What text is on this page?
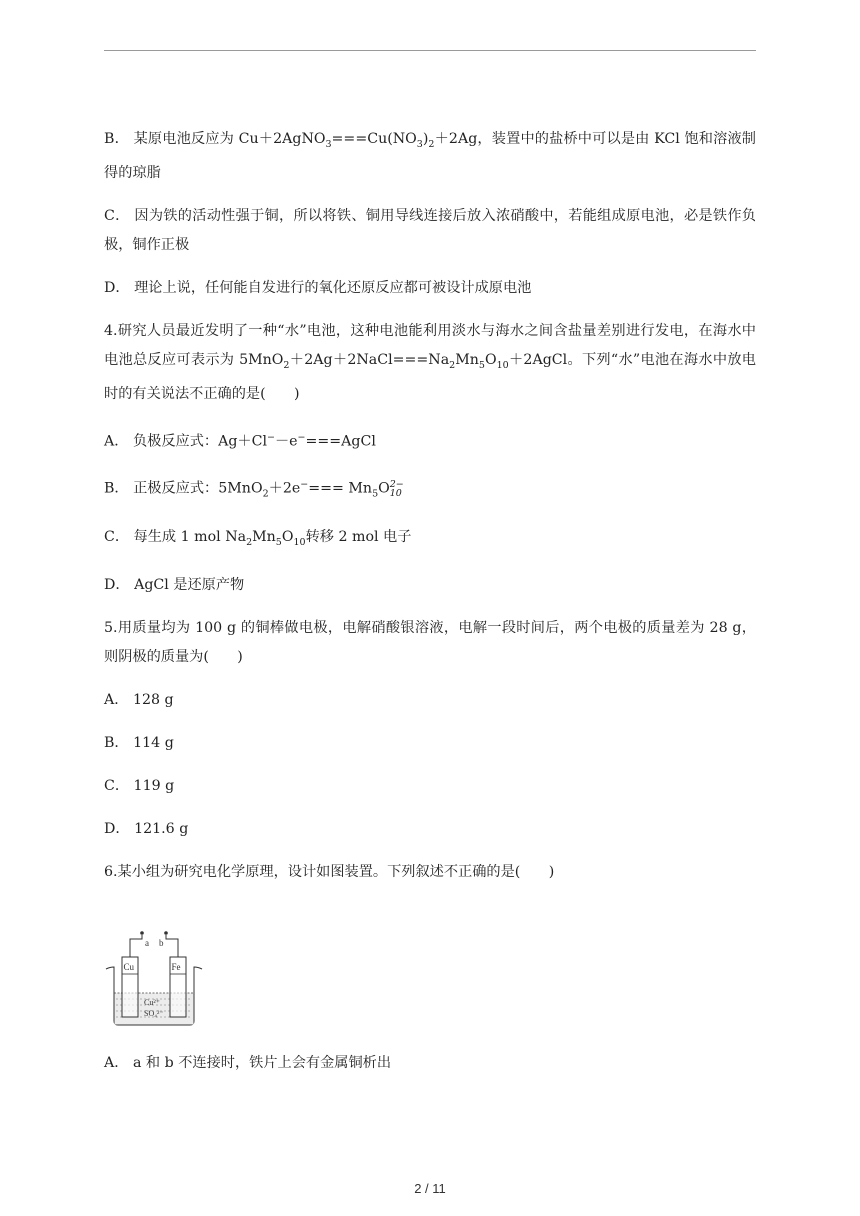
B． 某原电池反应为 $Cu+2AgNO_3===Cu(NO_3)_2+2Ag$，装置中的盐桥中可以是由 KCl 饱和溶液制得的琼脂

C． 因为铁的活动性强于铜，所以将铁、铜用导线连接后放入浓硝酸中，若能组成原电池，必是铁作负极，铜作正极

D． 理论上说，任何能自发进行的氧化还原反应都可被设计成原电池

4.研究人员最近发明了一种“水”电池，这种电池能利用淡水与海水之间含盐量差别进行发电，在海水中电池总反应可表示为 $5MnO_2+2Ag+2NaCl===Na_2Mn_5O_{10}+2AgCl$。下列“水”电池在海水中放电时的有关说法不正确的是(　　)

A． 负极反应式：Ag＋Cl−－e−===AgCl

B． 正极反应式：$5MnO_2+2e^-=== Mn_5O$ 2−
10

C． 每生成 1 mol $Na_2Mn_5O_{10}$转移 2 mol 电子

D． AgCl 是还原产物

5.用质量均为 100 g 的铜棒做电极，电解硝酸银溶液，电解一段时间后，两个电极的质量差为 28 g，则阴极的质量为(　　)

A． 128 g

B． 114 g

C． 119 g

D． 121.6 g

6.某小组为研究电化学原理，设计如图装置。下列叙述不正确的是(　　)

a b
Cu	Fe
Cu²⁺
SO₄²⁻

A． a 和 b 不连接时，铁片上会有金属铜析出

2 / 11
